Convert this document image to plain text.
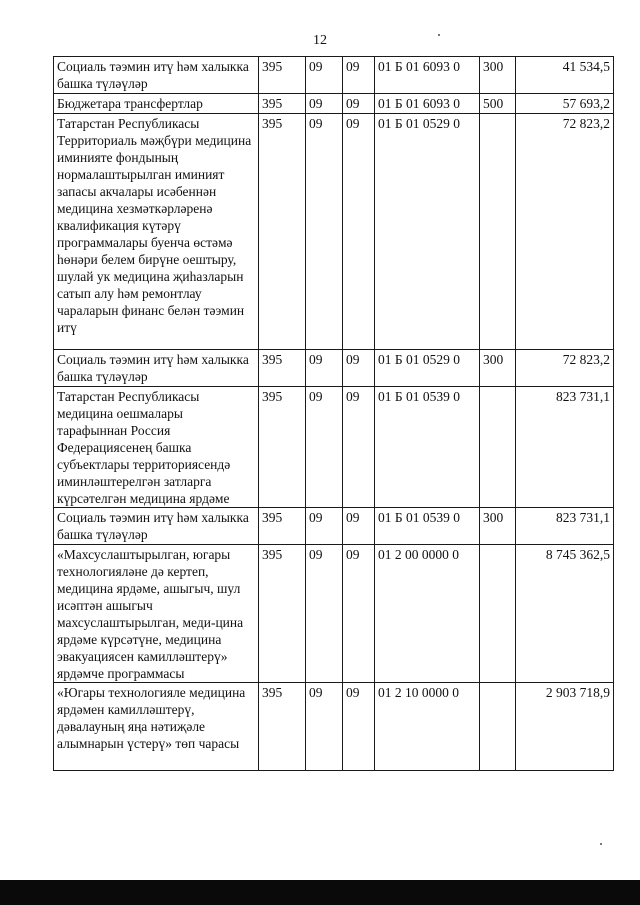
12
Социаль тәэмин итү һәм халыкка башка түләүләр	395	09	09	01 Б 01 6093 0	300	41 534,5
Бюджетара трансфертлар	395	09	09	01 Б 01 6093 0	500	57 693,2
Татарстан Республикасы Территориаль мәҗбүри медицина иминияте фондының нормалаштырылган иминият запасы акчалары исәбеннән медицина хезмәткәрләренә квалификация күтәрү программалары буенча өстәмә һөнәри белем бирүне оештыру, шулай ук медицина җиһазларын сатып алу һәм ремонтлау чараларын финанс белән тәэмин итү	395	09	09	01 Б 01 0529 0		72 823,2
Социаль тәэмин итү һәм халыкка башка түләүләр	395	09	09	01 Б 01 0529 0	300	72 823,2
Татарстан Республикасы медицина оешмалары тарафыннан Россия Федерациясенең башка субъектлары территориясендә иминләштерелгән затларга күрсәтелгән медицина ярдәме	395	09	09	01 Б 01 0539 0		823 731,1
Социаль тәэмин итү һәм халыкка башка түләүләр	395	09	09	01 Б 01 0539 0	300	823 731,1
«Махсуслаштырылган, югары технологияләне дә кертеп, медицина ярдәме, ашыгыч, шул исәптән ашыгыч махсуслаштырылган, меди-цина ярдәме күрсәтүне, медицина эвакуациясен камилләштерү» ярдәмче программасы	395	09	09	01 2 00 0000 0		8 745 362,5
«Югары технологияле медицина ярдәмен камилләштерү, дәвалауның яңа нәтиҗәле алымнарын үстерү» төп чарасы	395	09	09	01 2 10 0000 0		2 903 718,9
